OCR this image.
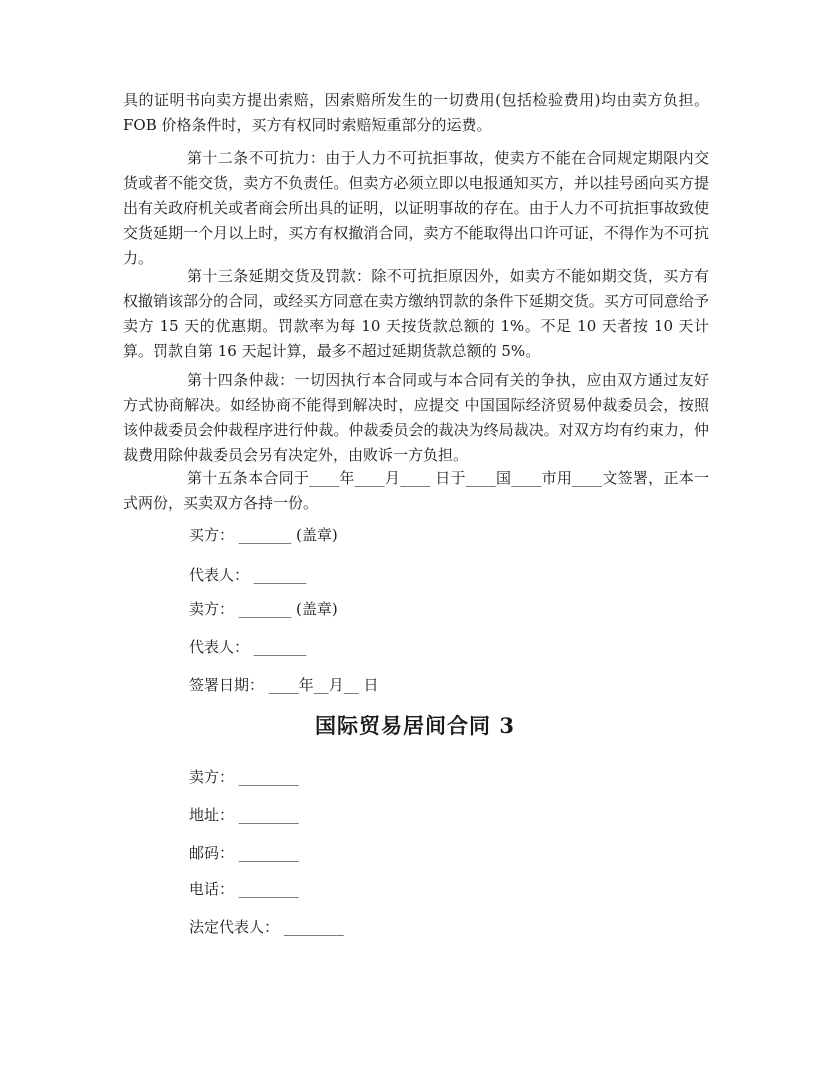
具的证明书向卖方提出索赔，因索赔所发生的一切费用(包括检验费用)均由卖方负担。 FOB 价格条件时，买方有权同时索赔短重部分的运费。

第十二条不可抗力：由于人力不可抗拒事故，使卖方不能在合同规定期限内交货或者不能交货，卖方不负责任。但卖方必须立即以电报通知买方，并以挂号函向买方提出有关政府机关或者商会所出具的证明，以证明事故的存在。由于人力不可抗拒事故致使交货延期一个月以上时，买方有权撤消合同，卖方不能取得出口许可证，不得作为不可抗力。

第十三条延期交货及罚款：除不可抗拒原因外，如卖方不能如期交货，买方有权撤销该部分的合同，或经买方同意在卖方缴纳罚款的条件下延期交货。买方可同意给予卖方 15 天的优惠期。罚款率为每 10 天按货款总额的 1%。不足 10 天者按 10 天计算。罚款自第 16 天起计算，最多不超过延期货款总额的 5%。

第十四条仲裁：一切因执行本合同或与本合同有关的争执，应由双方通过友好方式协商解决。如经协商不能得到解决时，应提交 中国国际经济贸易仲裁委员会，按照该仲裁委员会仲裁程序进行仲裁。仲裁委员会的裁决为终局裁决。对双方均有约束力，仲裁费用除仲裁委员会另有决定外，由败诉一方负担。

第十五条本合同于____年____月____ 日于____国____市用____文签署，正本一式两份，买卖双方各持一份。

买方： _______ (盖章)
代表人： _______
卖方： _______ (盖章)
代表人： _______
签署日期： ____年__月__ 日
国际贸易居间合同 3
卖方： ________
地址： ________
邮码： ________
电话： ________
法定代表人： ________
